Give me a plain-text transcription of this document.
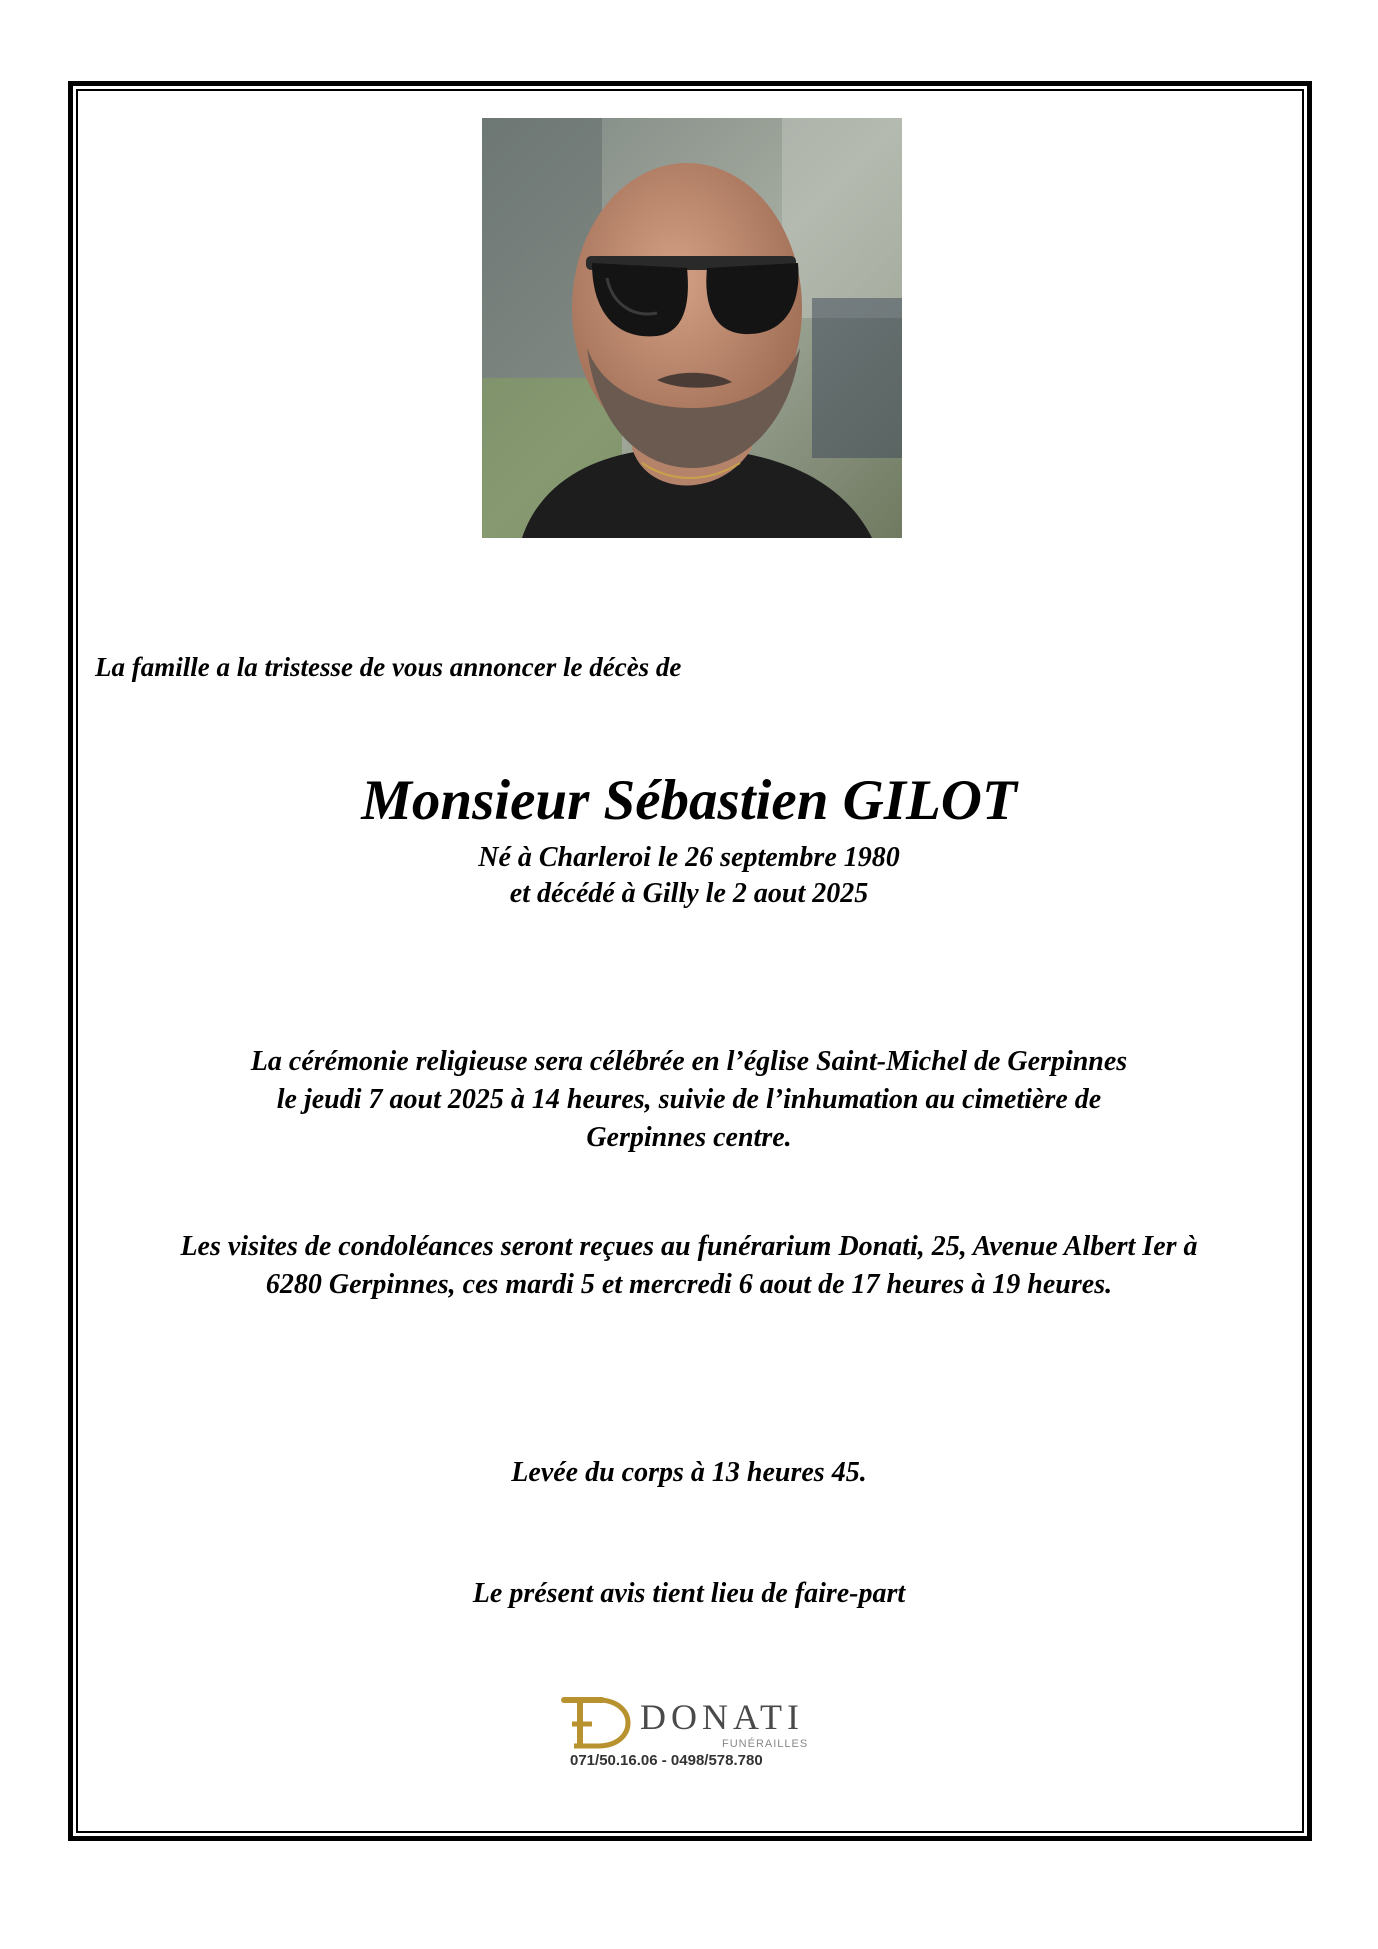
La famille a la tristesse de vous annoncer le décès de
Monsieur Sébastien GILOT
Né à Charleroi le 26 septembre 1980
et décédé à Gilly le 2 aout 2025
La cérémonie religieuse sera célébrée en l’église Saint-Michel de Gerpinnes
le jeudi 7 aout 2025 à 14 heures, suivie de l’inhumation au cimetière de
Gerpinnes centre.
Les visites de condoléances seront reçues au funérarium Donati, 25, Avenue Albert Ier à
6280 Gerpinnes, ces mardi 5 et mercredi 6 aout de 17 heures à 19 heures.
Levée du corps à 13 heures 45.
Le présent avis tient lieu de faire-part
DONATI
FUNÉRAILLES
071/50.16.06 - 0498/578.780
